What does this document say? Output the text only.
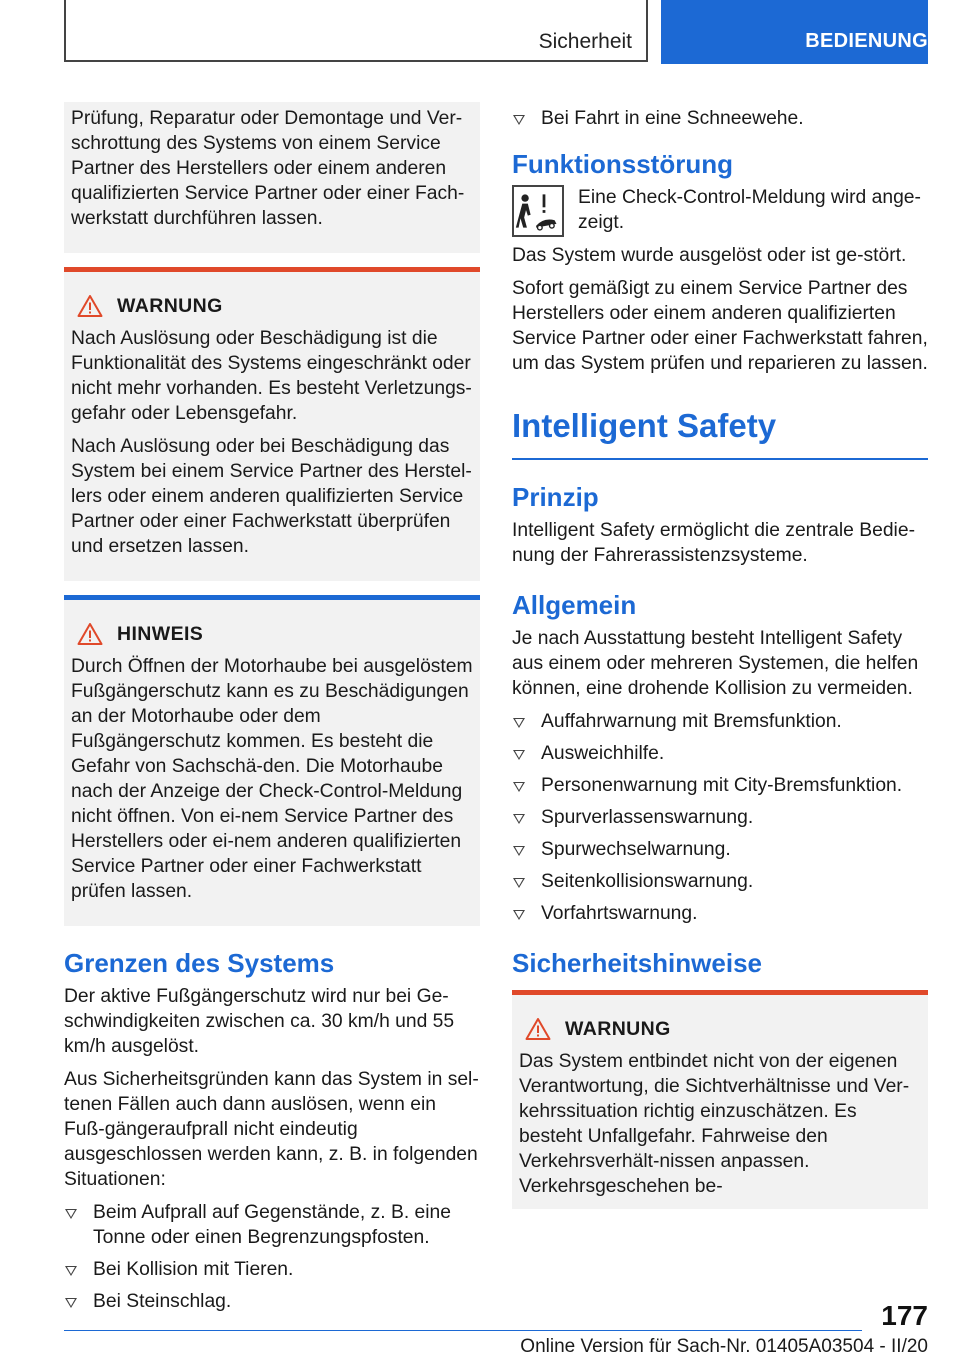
Sicherheit	BEDIENUNG

Prüfung, Reparatur oder Demontage und Ver-schrottung des Systems von einem Service Partner des Herstellers oder einem anderen qualifizierten Service Partner oder einer Fach-werkstatt durchführen lassen.

WARNUNG

Nach Auslösung oder Beschädigung ist die Funktionalität des Systems eingeschränkt oder nicht mehr vorhanden. Es besteht Verletzungs-gefahr oder Lebensgefahr.

Nach Auslösung oder bei Beschädigung das System bei einem Service Partner des Herstel-lers oder einem anderen qualifizierten Service Partner oder einer Fachwerkstatt überprüfen und ersetzen lassen.

HINWEIS

Durch Öffnen der Motorhaube bei ausgelöstem Fußgängerschutz kann es zu Beschädigungen an der Motorhaube oder dem Fußgängerschutz kommen. Es besteht die Gefahr von Sachschä-den. Die Motorhaube nach der Anzeige der Check-Control-Meldung nicht öffnen. Von ei-nem Service Partner des Herstellers oder ei-nem anderen qualifizierten Service Partner oder einer Fachwerkstatt prüfen lassen.

Grenzen des Systems

Der aktive Fußgängerschutz wird nur bei Ge-schwindigkeiten zwischen ca. 30 km/h und 55 km/h ausgelöst.

Aus Sicherheitsgründen kann das System in sel-tenen Fällen auch dann auslösen, wenn ein Fuß-gängeraufprall nicht eindeutig ausgeschlossen werden kann, z. B. in folgenden Situationen:

Beim Aufprall auf Gegenstände, z. B. eine Tonne oder einen Begrenzungspfosten.
Bei Kollision mit Tieren.
Bei Steinschlag.
Bei Fahrt in eine Schneewehe.
Funktionsstörung

Eine Check-Control-Meldung wird ange-zeigt.

Das System wurde ausgelöst oder ist ge-stört.

Sofort gemäßigt zu einem Service Partner des Herstellers oder einem anderen qualifizierten Service Partner oder einer Fachwerkstatt fahren, um das System prüfen und reparieren zu lassen.

Intelligent Safety
Prinzip

Intelligent Safety ermöglicht die zentrale Bedie-nung der Fahrerassistenzsysteme.

Allgemein

Je nach Ausstattung besteht Intelligent Safety aus einem oder mehreren Systemen, die helfen können, eine drohende Kollision zu vermeiden.

Auffahrwarnung mit Bremsfunktion.
Ausweichhilfe.
Personenwarnung mit City-Bremsfunktion.
Spurverlassenswarnung.
Spurwechselwarnung.
Seitenkollisionswarnung.
Vorfahrtswarnung.
Sicherheitshinweise
WARNUNG

Das System entbindet nicht von der eigenen Verantwortung, die Sichtverhältnisse und Ver-kehrssituation richtig einzuschätzen. Es besteht Unfallgefahr. Fahrweise den Verkehrsverhält-nissen anpassen. Verkehrsgeschehen be-

177
Online Version für Sach-Nr. 01405A03504 - II/20
